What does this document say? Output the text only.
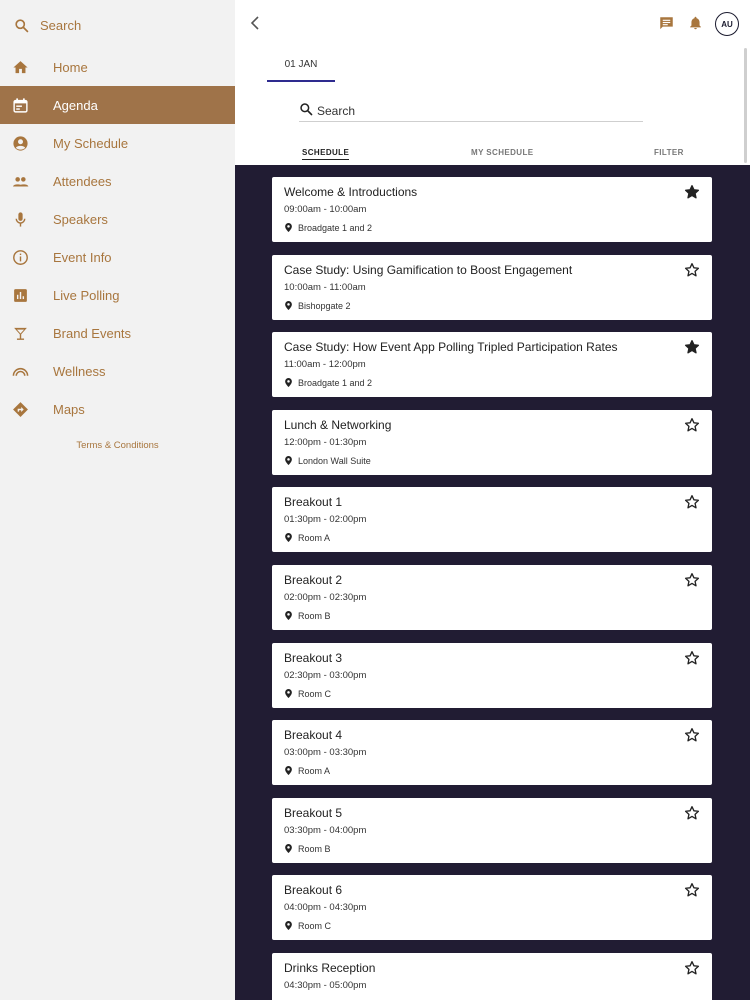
Search
Home
Agenda
My Schedule
Attendees
Speakers
Event Info
Live Polling
Brand Events
Wellness
Maps
Terms & Conditions
AU
01 JAN
Search
SCHEDULE	MY SCHEDULE	FILTER
Welcome & Introductions
09:00am - 10:00am
Broadgate 1 and 2
Case Study: Using Gamification to Boost Engagement
10:00am - 11:00am
Bishopgate 2
Case Study: How Event App Polling Tripled Participation Rates
11:00am - 12:00pm
Broadgate 1 and 2
Lunch & Networking
12:00pm - 01:30pm
London Wall Suite
Breakout 1
01:30pm - 02:00pm
Room A
Breakout 2
02:00pm - 02:30pm
Room B
Breakout 3
02:30pm - 03:00pm
Room C
Breakout 4
03:00pm - 03:30pm
Room A
Breakout 5
03:30pm - 04:00pm
Room B
Breakout 6
04:00pm - 04:30pm
Room C
Drinks Reception
04:30pm - 05:00pm
